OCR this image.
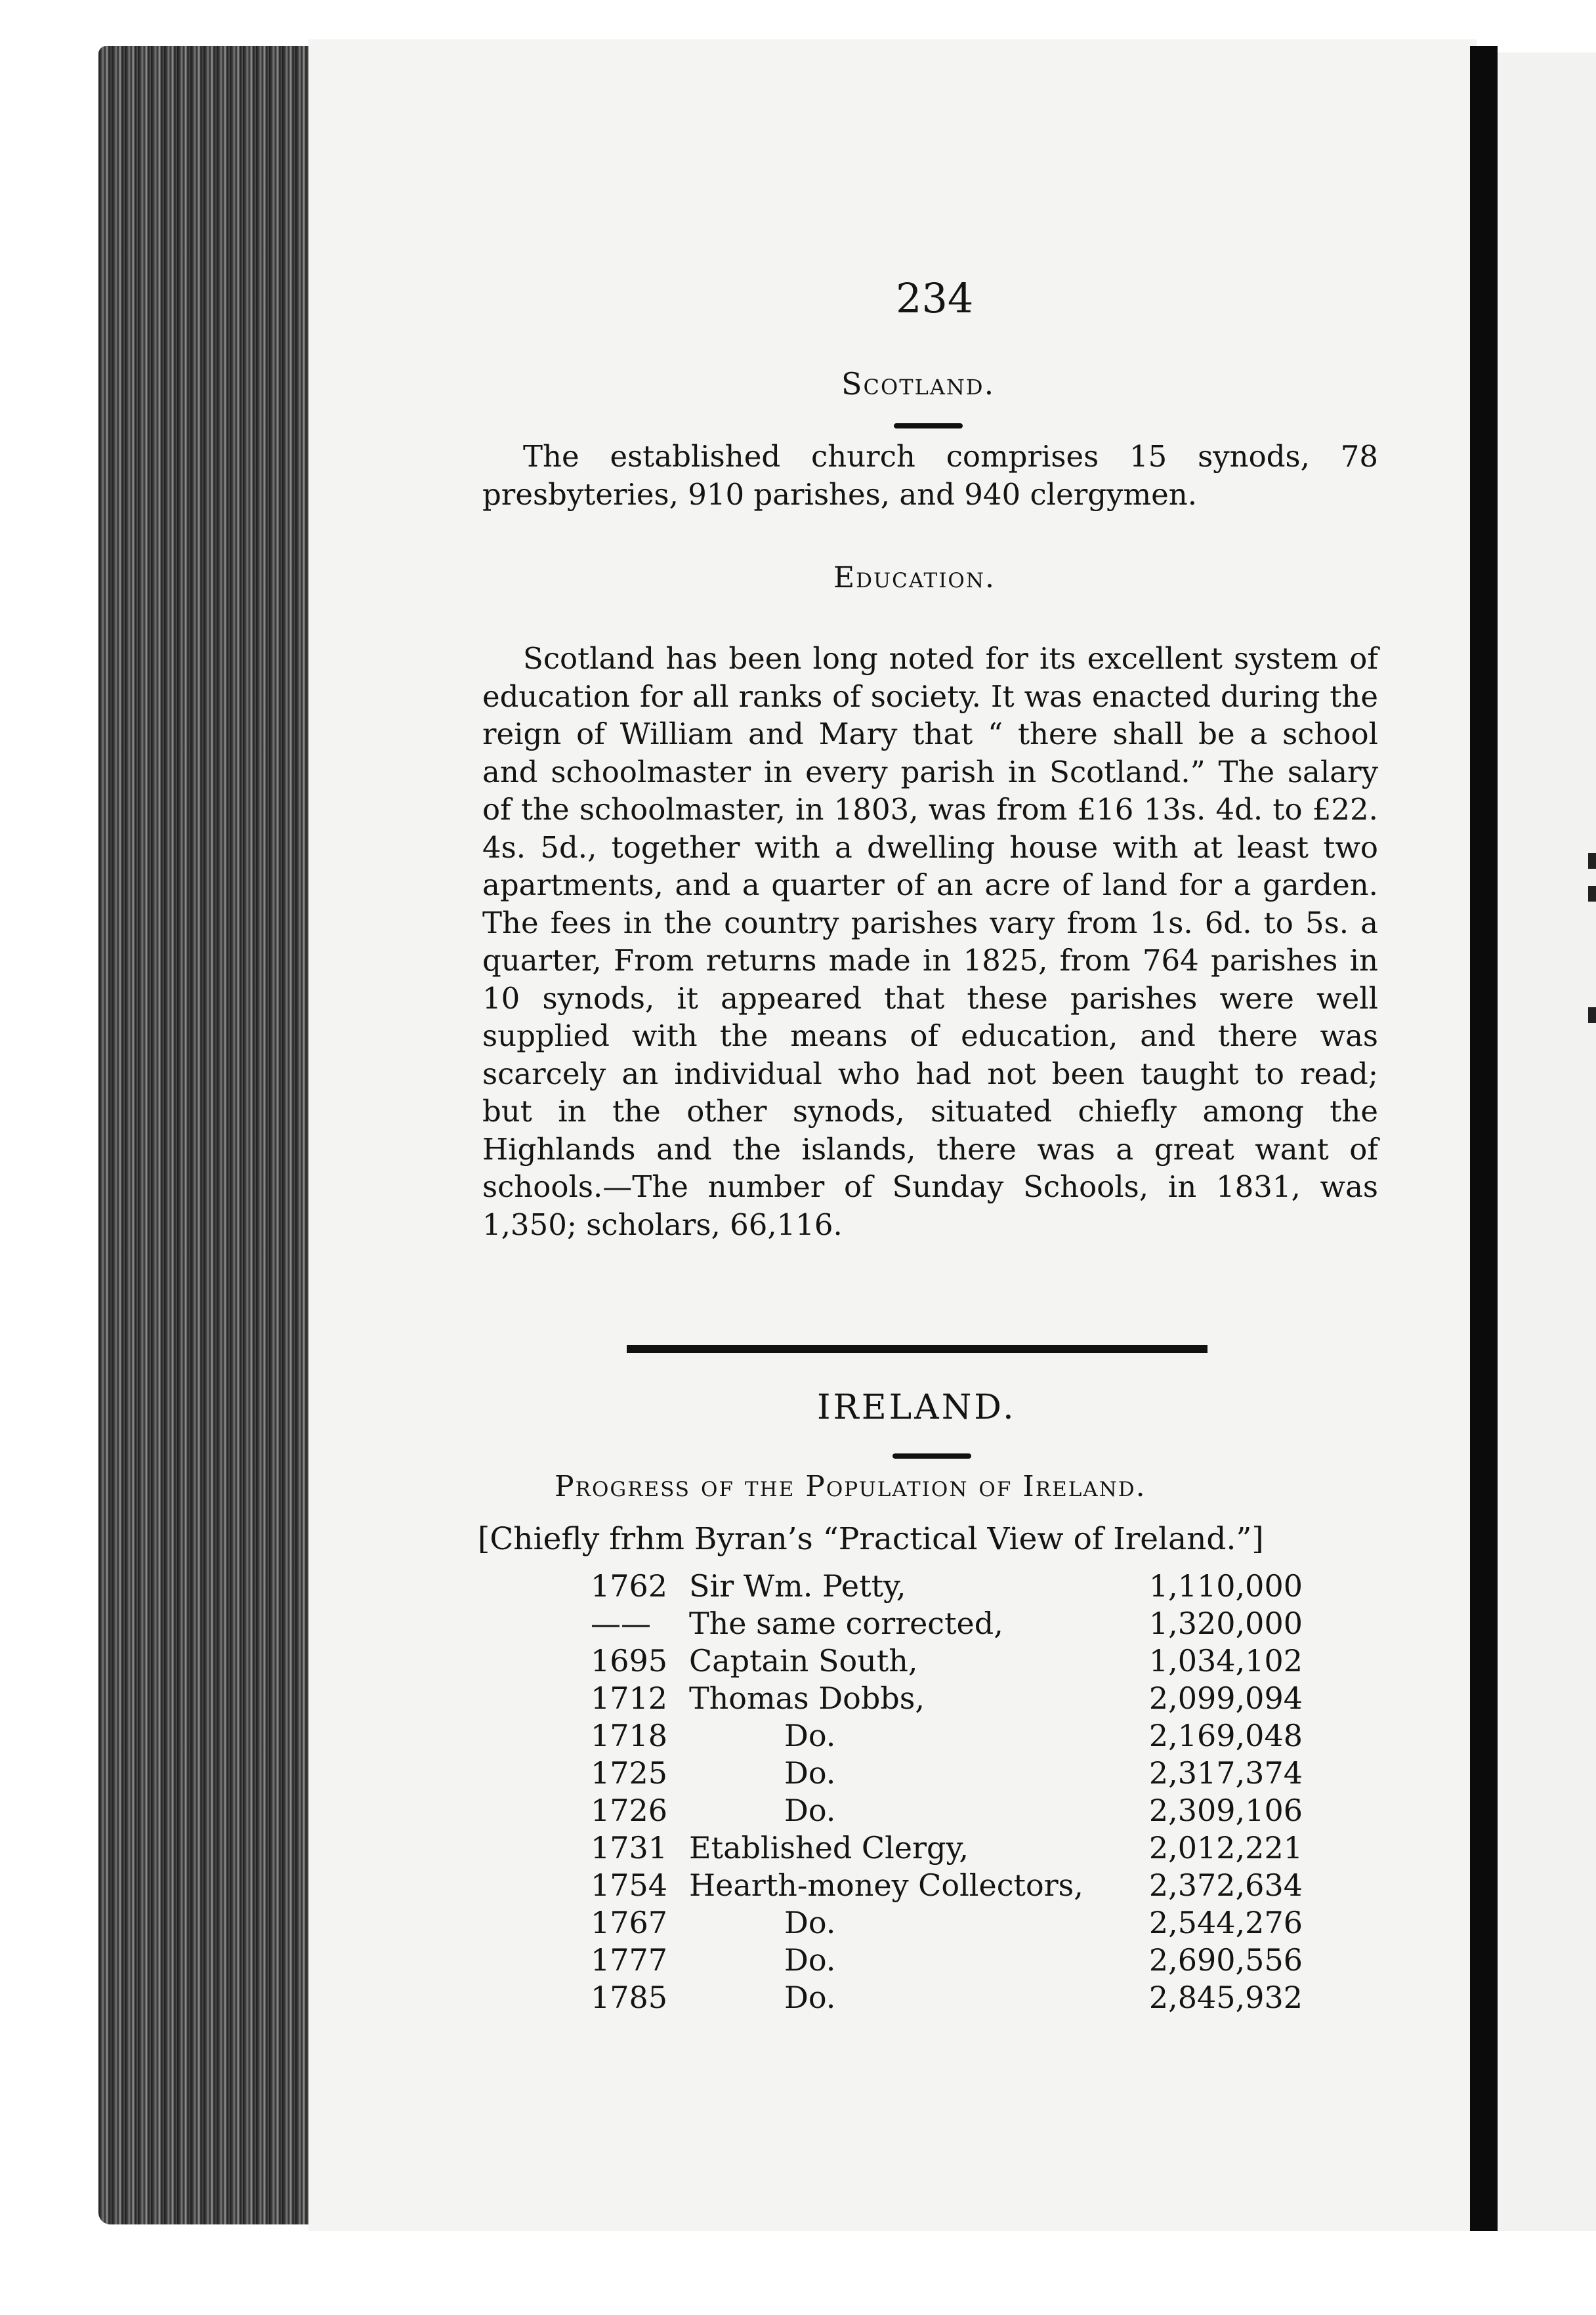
234
Scotland.

The established church comprises 15 synods, 78 presbyteries, 910 parishes, and 940 clergymen.

Education.

Scotland has been long noted for its excellent system of education for all ranks of society. It was enacted during the reign of William and Mary that “ there shall be a school and schoolmaster in every parish in Scotland.” The salary of the schoolmaster, in 1803, was from £16 13s. 4d. to £22. 4s. 5d., together with a dwelling house with at least two apartments, and a quarter of an acre of land for a garden. The fees in the country parishes vary from 1s. 6d. to 5s. a quarter, From returns made in 1825, from 764 parishes in 10 synods, it appeared that these parishes were well supplied with the means of education, and there was scarcely an individual who had not been taught to read; but in the other synods, situated chiefly among the Highlands and the islands, there was a great want of schools.—The number of Sunday Schools, in 1831, was 1,350; scholars, 66,116.

IRELAND.
Progress of the Population of Ireland.
[Chiefly frhm Byran’s “Practical View of Ireland.”]
1762 Sir Wm. Petty,	1,110,000
——	The same corrected,	1,320,000
1695 Captain South,	1,034,102
1712 Thomas Dobbs,	2,099,094
1718	Do.	2,169,048
1725	Do.	2,317,374
1726	Do.	2,309,106
1731 Etablished Clergy,	2,012,221
1754 Hearth-money Collectors, 2,372,634
1767	Do.	2,544,276
1777	Do.	2,690,556
1785	Do.	2,845,932
